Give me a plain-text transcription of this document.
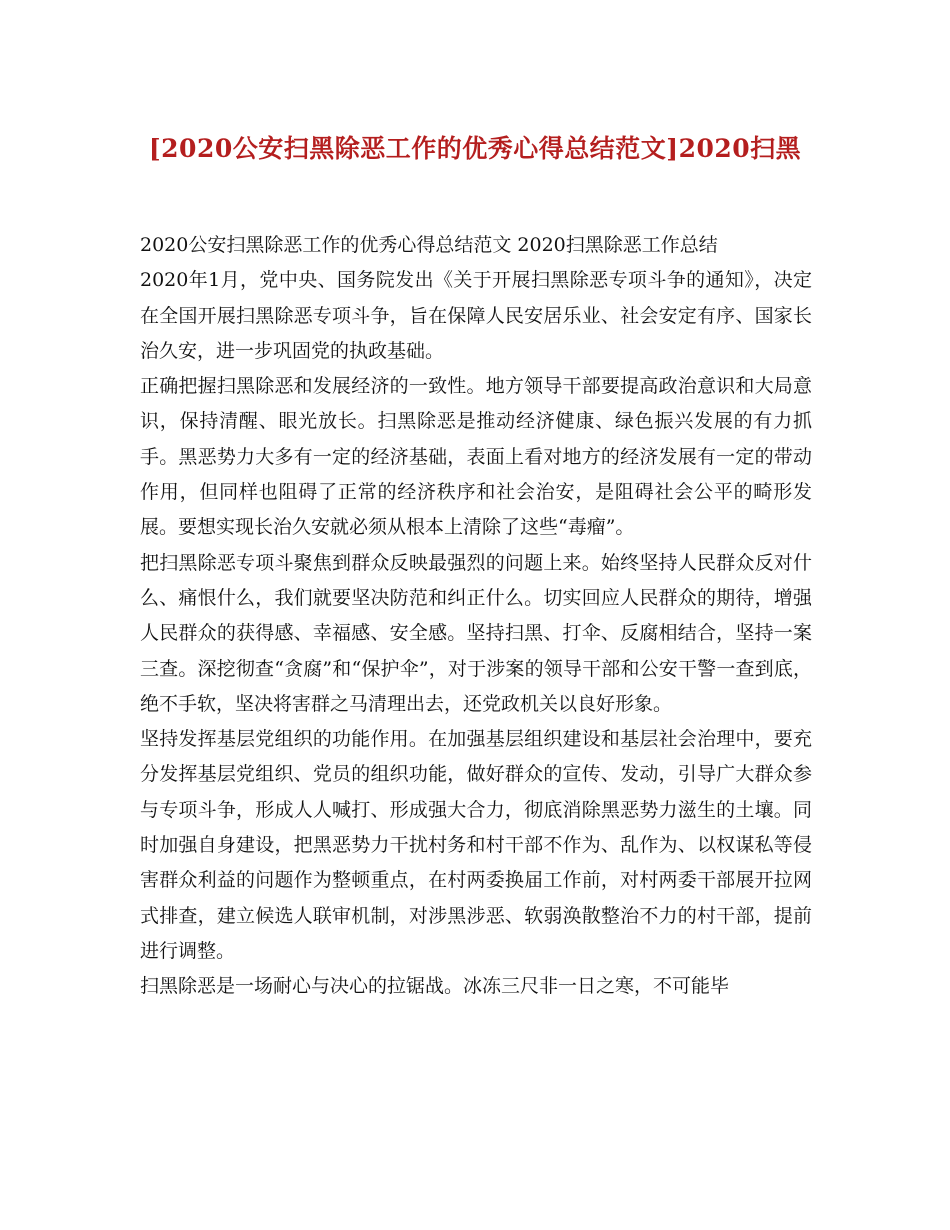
[2020公安扫黑除恶工作的优秀心得总结范文]2020扫黑

2020公安扫黑除恶工作的优秀心得总结范文 2020扫黑除恶工作总结

2020年1月，党中央、国务院发出《关于开展扫黑除恶专项斗争的通知》，决定在全国开展扫黑除恶专项斗争，旨在保障人民安居乐业、社会安定有序、国家长治久安，进一步巩固党的执政基础。

正确把握扫黑除恶和发展经济的一致性。地方领导干部要提高政治意识和大局意识，保持清醒、眼光放长。扫黑除恶是推动经济健康、绿色振兴发展的有力抓手。黑恶势力大多有一定的经济基础，表面上看对地方的经济发展有一定的带动作用，但同样也阻碍了正常的经济秩序和社会治安，是阻碍社会公平的畸形发展。要想实现长治久安就必须从根本上清除了这些“毒瘤”。

把扫黑除恶专项斗聚焦到群众反映最强烈的问题上来。始终坚持人民群众反对什么、痛恨什么，我们就要坚决防范和纠正什么。切实回应人民群众的期待，增强人民群众的获得感、幸福感、安全感。坚持扫黑、打伞、反腐相结合，坚持一案三查。深挖彻查“贪腐”和“保护伞”，对于涉案的领导干部和公安干警一查到底，绝不手软，坚决将害群之马清理出去，还党政机关以良好形象。

坚持发挥基层党组织的功能作用。在加强基层组织建设和基层社会治理中，要充分发挥基层党组织、党员的组织功能，做好群众的宣传、发动，引导广大群众参与专项斗争，形成人人喊打、形成强大合力，彻底消除黑恶势力滋生的土壤。同时加强自身建设，把黑恶势力干扰村务和村干部不作为、乱作为、以权谋私等侵害群众利益的问题作为整顿重点，在村两委换届工作前，对村两委干部展开拉网式排查，建立候选人联审机制，对涉黑涉恶、软弱涣散整治不力的村干部，提前进行调整。

扫黑除恶是一场耐心与决心的拉锯战。冰冻三尺非一日之寒，不可能毕
